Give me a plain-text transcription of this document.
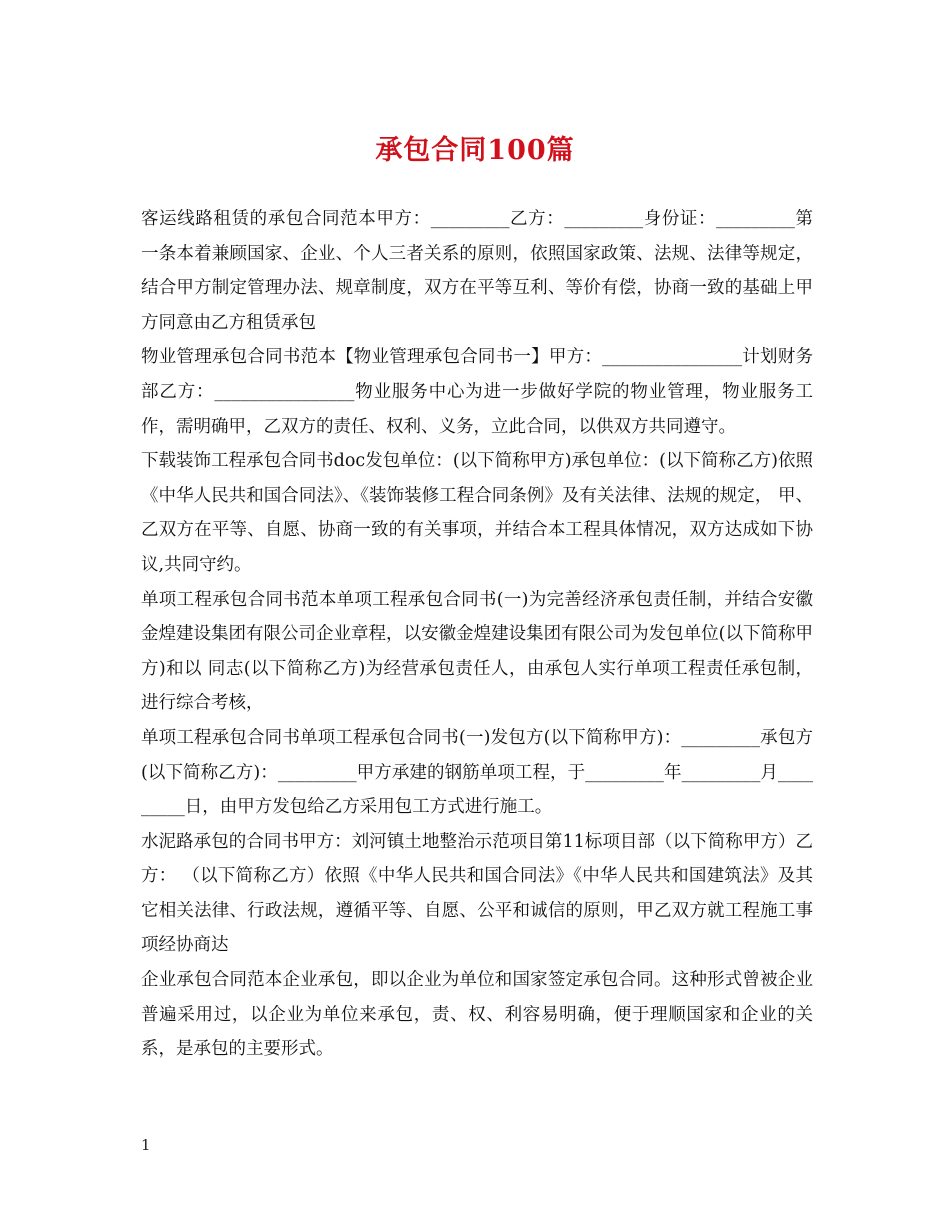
承包合同100篇

客运线路租赁的承包合同范本甲方：_________乙方：_________身份证：_________第一条本着兼顾国家、企业、个人三者关系的原则，依照国家政策、法规、法律等规定，结合甲方制定管理办法、规章制度，双方在平等互利、等价有偿，协商一致的基础上甲方同意由乙方租赁承包

物业管理承包合同书范本【物业管理承包合同书一】甲方：________________计划财务部乙方：________________物业服务中心为进一步做好学院的物业管理，物业服务工作，需明确甲，乙双方的责任、权利、义务，立此合同，以供双方共同遵守。

下载装饰工程承包合同书doc发包单位：(以下简称甲方)承包单位：(以下简称乙方)依照《中华人民共和国合同法》、《装饰装修工程合同条例》及有关法律、法规的规定， 甲、乙双方在平等、自愿、协商一致的有关事项，并结合本工程具体情况，双方达成如下协议,共同守约。

单项工程承包合同书范本单项工程承包合同书(一)为完善经济承包责任制，并结合安徽金煌建设集团有限公司企业章程，以安徽金煌建设集团有限公司为发包单位(以下简称甲方)和以 同志(以下简称乙方)为经营承包责任人，由承包人实行单项工程责任承包制，进行综合考核，

单项工程承包合同书单项工程承包合同书(一)发包方(以下简称甲方)：_________承包方(以下简称乙方)：_________甲方承建的钢筋单项工程，于_________年_________月_________日，由甲方发包给乙方采用包工方式进行施工。

水泥路承包的合同书甲方：刘河镇土地整治示范项目第11标项目部（以下简称甲方）乙方： （以下简称乙方）依照《中华人民共和国合同法》《中华人民共和国建筑法》及其它相关法律、行政法规，遵循平等、自愿、公平和诚信的原则，甲乙双方就工程施工事项经协商达

企业承包合同范本企业承包，即以企业为单位和国家签定承包合同。这种形式曾被企业普遍采用过，以企业为单位来承包，责、权、利容易明确，便于理顺国家和企业的关系，是承包的主要形式。

1
